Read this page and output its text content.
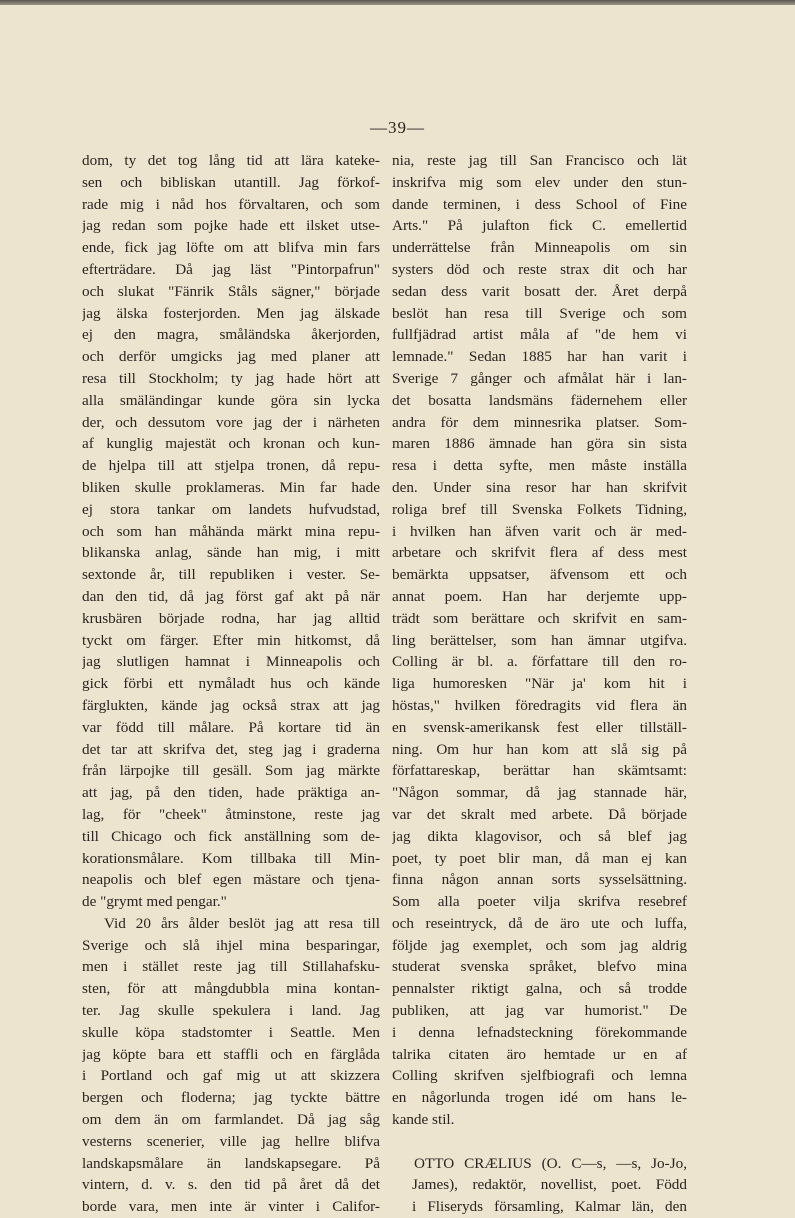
—39—
dom, ty det tog lång tid att lära kateke-
sen och bibliskan utantill. Jag förkof-
rade mig i nåd hos förvaltaren, och som
jag redan som pojke hade ett ilsket utse-
ende, fick jag löfte om att blifva min fars
efterträdare. Då jag läst "Pintorpafrun"
och slukat "Fänrik Ståls sägner," började
jag älska fosterjorden. Men jag älskade
ej den magra, småländska åkerjorden,
och derför umgicks jag med planer att
resa till Stockholm; ty jag hade hört att
alla smäländingar kunde göra sin lycka
der, och dessutom vore jag der i närheten
af kunglig majestät och kronan och kun-
de hjelpa till att stjelpa tronen, då repu-
bliken skulle proklameras. Min far hade
ej stora tankar om landets hufvudstad,
och som han måhända märkt mina repu-
blikanska anlag, sände han mig, i mitt
sextonde år, till republiken i vester. Se-
dan den tid, då jag först gaf akt på när
krusbären började rodna, har jag alltid
tyckt om färger. Efter min hitkomst, då
jag slutligen hamnat i Minneapolis och
gick förbi ett nymåladt hus och kände
färglukten, kände jag också strax att jag
var född till målare. På kortare tid än
det tar att skrifva det, steg jag i graderna
från lärpojke till gesäll. Som jag märkte
att jag, på den tiden, hade präktiga an-
lag, för "cheek" åtminstone, reste jag
till Chicago och fick anställning som de-
korationsmålare. Kom tillbaka till Min-
neapolis och blef egen mästare och tjena-
de "grymt med pengar."
Vid 20 års ålder beslöt jag att resa till
Sverige och slå ihjel mina besparingar,
men i stället reste jag till Stillahafsku-
sten, för att mångdubbla mina kontan-
ter. Jag skulle spekulera i land. Jag
skulle köpa stadstomter i Seattle. Men
jag köpte bara ett staffli och en färglåda
i Portland och gaf mig ut att skizzera
bergen och floderna; jag tyckte bättre
om dem än om farmlandet. Då jag såg
vesterns scenerier, ville jag hellre blifva
landskapsmålare än landskapsegare. På
vintern, d. v. s. den tid på året då det
borde vara, men inte är vinter i Califor-
nia, reste jag till San Francisco och lät
inskrifva mig som elev under den stun-
dande terminen, i dess School of Fine
Arts." På julafton fick C. emellertid
underrättelse från Minneapolis om sin
systers död och reste strax dit och har
sedan dess varit bosatt der. Året derpå
beslöt han resa till Sverige och som
fullfjädrad artist måla af "de hem vi
lemnade." Sedan 1885 har han varit i
Sverige 7 gånger och afmålat här i lan-
det bosatta landsmäns fädernehem eller
andra för dem minnesrika platser. Som-
maren 1886 ämnade han göra sin sista
resa i detta syfte, men måste inställa
den. Under sina resor har han skrifvit
roliga bref till Svenska Folkets Tidning,
i hvilken han äfven varit och är med-
arbetare och skrifvit flera af dess mest
bemärkta uppsatser, äfvensom ett och
annat poem. Han har derjemte upp-
trädt som berättare och skrifvit en sam-
ling berättelser, som han ämnar utgifva.
Colling är bl. a. författare till den ro-
liga humoresken "När ja' kom hit i
höstas," hvilken föredragits vid flera än
en svensk-amerikansk fest eller tillställ-
ning. Om hur han kom att slå sig på
författareskap, berättar han skämtsamt:
"Någon sommar, då jag stannade här,
var det skralt med arbete. Då började
jag dikta klagovisor, och så blef jag
poet, ty poet blir man, då man ej kan
finna någon annan sorts sysselsättning.
Som alla poeter vilja skrifva resebref
och reseintryck, då de äro ute och luffa,
följde jag exemplet, och som jag aldrig
studerat svenska språket, blefvo mina
pennalster riktigt galna, och så trodde
publiken, att jag var humorist." De
i denna lefnadsteckning förekommande
talrika citaten äro hemtade ur en af
Colling skrifven sjelfbiografi och lemna
en någorlunda trogen idé om hans le-
kande stil.
OTTO CRÆLIUS (O. C—s, —s, Jo-Jo,
James), redaktör, novellist, poet. Född
i Fliseryds församling, Kalmar län, den
